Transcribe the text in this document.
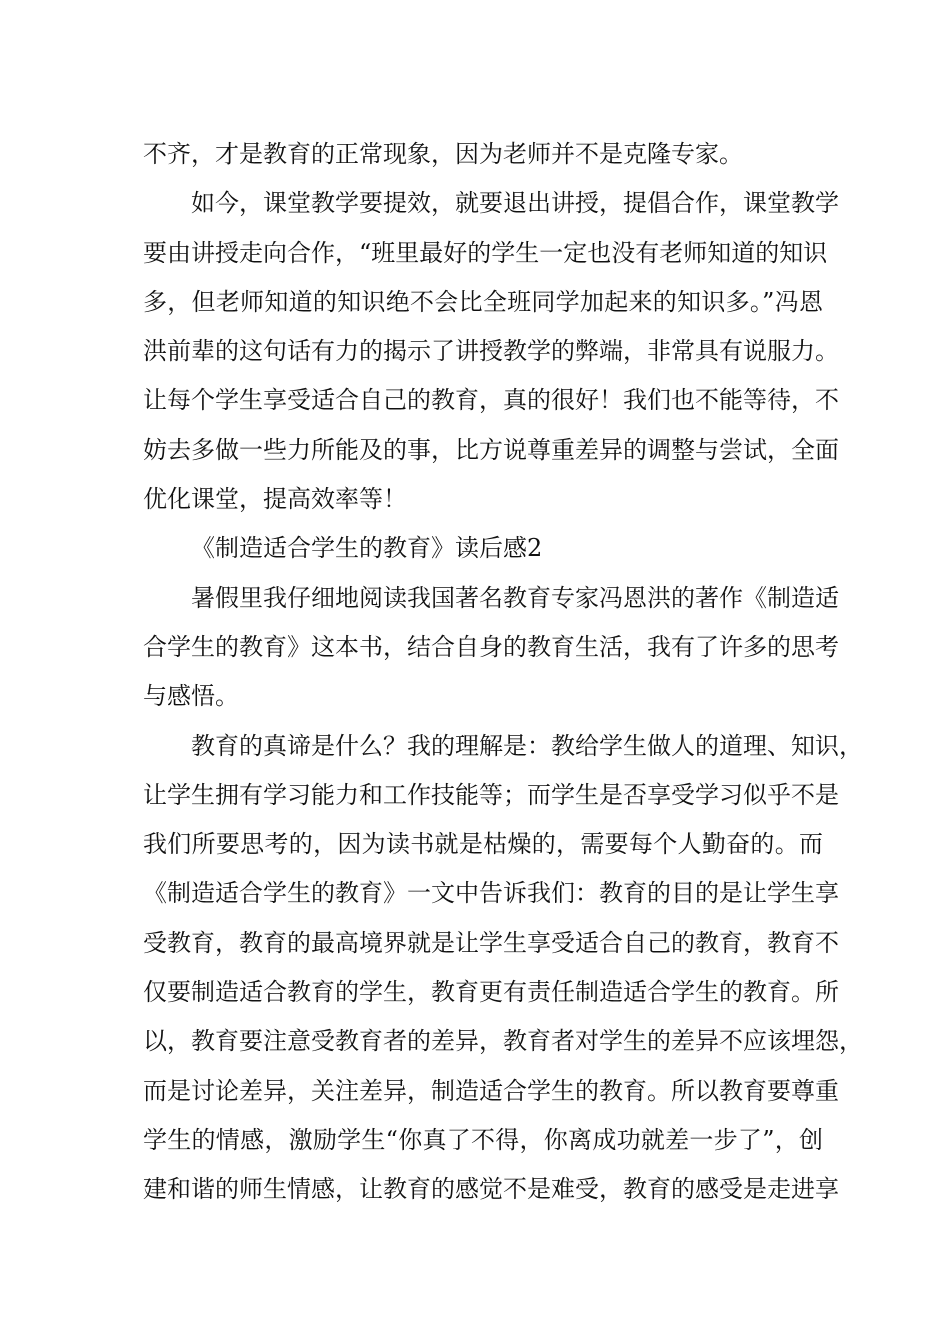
不齐，才是教育的正常现象，因为老师并不是克隆专家。
如今，课堂教学要提效，就要退出讲授，提倡合作，课堂教学
要由讲授走向合作，“班里最好的学生一定也没有老师知道的知识
多，但老师知道的知识绝不会比全班同学加起来的知识多。”冯恩
洪前辈的这句话有力的揭示了讲授教学的弊端，非常具有说服力。
让每个学生享受适合自己的教育，真的很好！我们也不能等待，不
妨去多做一些力所能及的事，比方说尊重差异的调整与尝试，全面
优化课堂，提高效率等！
《制造适合学生的教育》读后感2
暑假里我仔细地阅读我国著名教育专家冯恩洪的著作《制造适
合学生的教育》这本书，结合自身的教育生活，我有了许多的思考
与感悟。
教育的真谛是什么？我的理解是：教给学生做人的道理、知识，
让学生拥有学习能力和工作技能等；而学生是否享受学习似乎不是
我们所要思考的，因为读书就是枯燥的，需要每个人勤奋的。而
《制造适合学生的教育》一文中告诉我们：教育的目的是让学生享
受教育，教育的最高境界就是让学生享受适合自己的教育，教育不
仅要制造适合教育的学生，教育更有责任制造适合学生的教育。所
以，教育要注意受教育者的差异，教育者对学生的差异不应该埋怨，
而是讨论差异，关注差异，制造适合学生的教育。所以教育要尊重
学生的情感，激励学生“你真了不得，你离成功就差一步了”，创
建和谐的师生情感，让教育的感觉不是难受，教育的感受是走进享
